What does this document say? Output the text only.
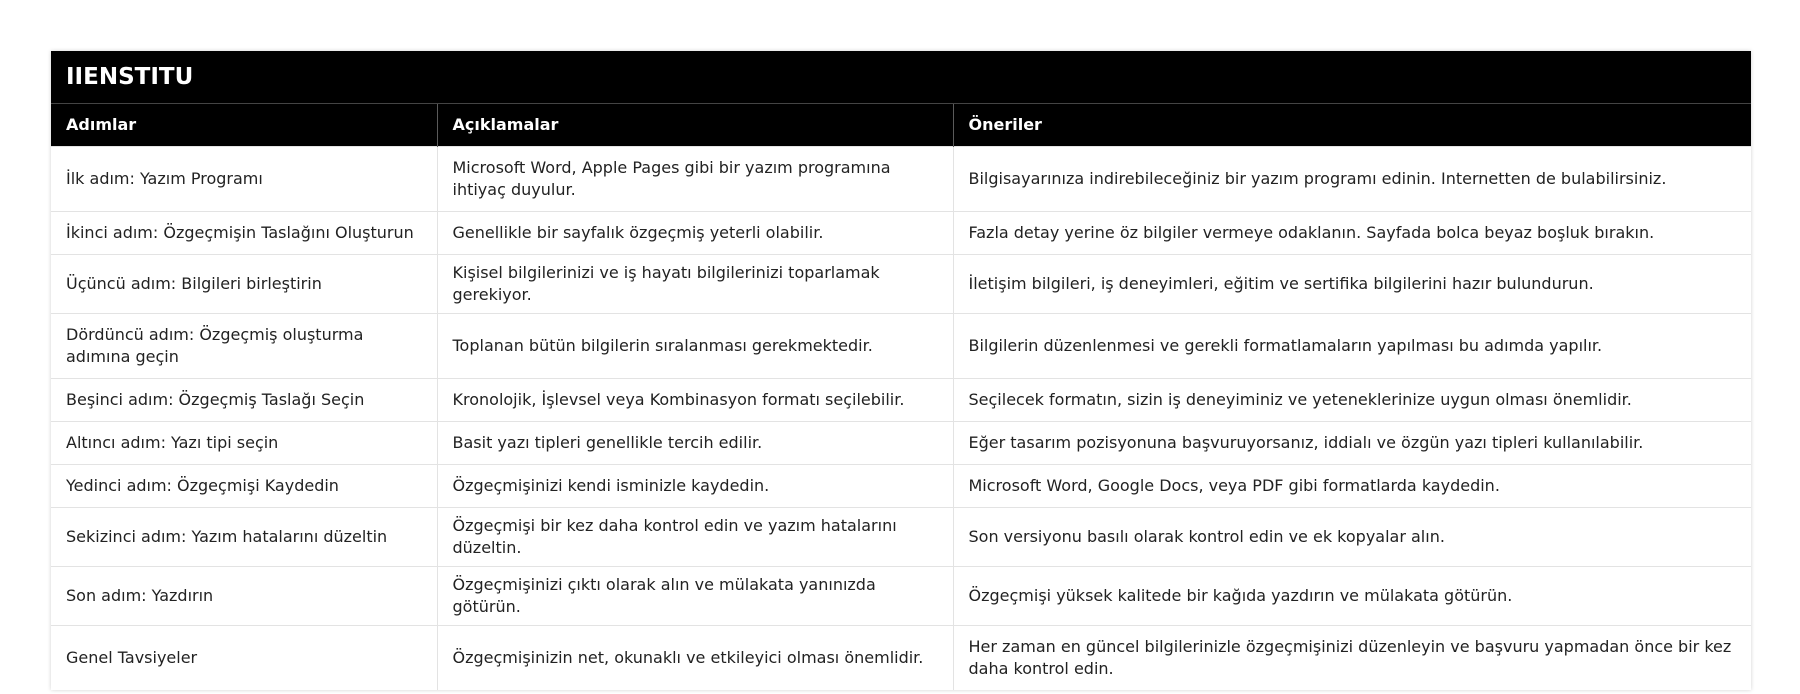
IIENSTITU
Adımlar	Açıklamalar	Öneriler
İlk adım: Yazım Programı	Microsoft Word, Apple Pages gibi bir yazım programına ihtiyaç duyulur.	Bilgisayarınıza indirebileceğiniz bir yazım programı edinin. Internetten de bulabilirsiniz.
İkinci adım: Özgeçmişin Taslağını Oluşturun	Genellikle bir sayfalık özgeçmiş yeterli olabilir.	Fazla detay yerine öz bilgiler vermeye odaklanın. Sayfada bolca beyaz boşluk bırakın.
Üçüncü adım: Bilgileri birleştirin	Kişisel bilgilerinizi ve iş hayatı bilgilerinizi toparlamak gerekiyor.	İletişim bilgileri, iş deneyimleri, eğitim ve sertifika bilgilerini hazır bulundurun.
Dördüncü adım: Özgeçmiş oluşturma adımına geçin	Toplanan bütün bilgilerin sıralanması gerekmektedir.	Bilgilerin düzenlenmesi ve gerekli formatlamaların yapılması bu adımda yapılır.
Beşinci adım: Özgeçmiş Taslağı Seçin	Kronolojik, İşlevsel veya Kombinasyon formatı seçilebilir.	Seçilecek formatın, sizin iş deneyiminiz ve yeteneklerinize uygun olması önemlidir.
Altıncı adım: Yazı tipi seçin	Basit yazı tipleri genellikle tercih edilir.	Eğer tasarım pozisyonuna başvuruyorsanız, iddialı ve özgün yazı tipleri kullanılabilir.
Yedinci adım: Özgeçmişi Kaydedin	Özgeçmişinizi kendi isminizle kaydedin.	Microsoft Word, Google Docs, veya PDF gibi formatlarda kaydedin.
Sekizinci adım: Yazım hatalarını düzeltin	Özgeçmişi bir kez daha kontrol edin ve yazım hatalarını düzeltin.	Son versiyonu basılı olarak kontrol edin ve ek kopyalar alın.
Son adım: Yazdırın	Özgeçmişinizi çıktı olarak alın ve mülakata yanınızda götürün.	Özgeçmişi yüksek kalitede bir kağıda yazdırın ve mülakata götürün.
Genel Tavsiyeler	Özgeçmişinizin net, okunaklı ve etkileyici olması önemlidir.	Her zaman en güncel bilgilerinizle özgeçmişinizi düzenleyin ve başvuru yapmadan önce bir kez daha kontrol edin.
